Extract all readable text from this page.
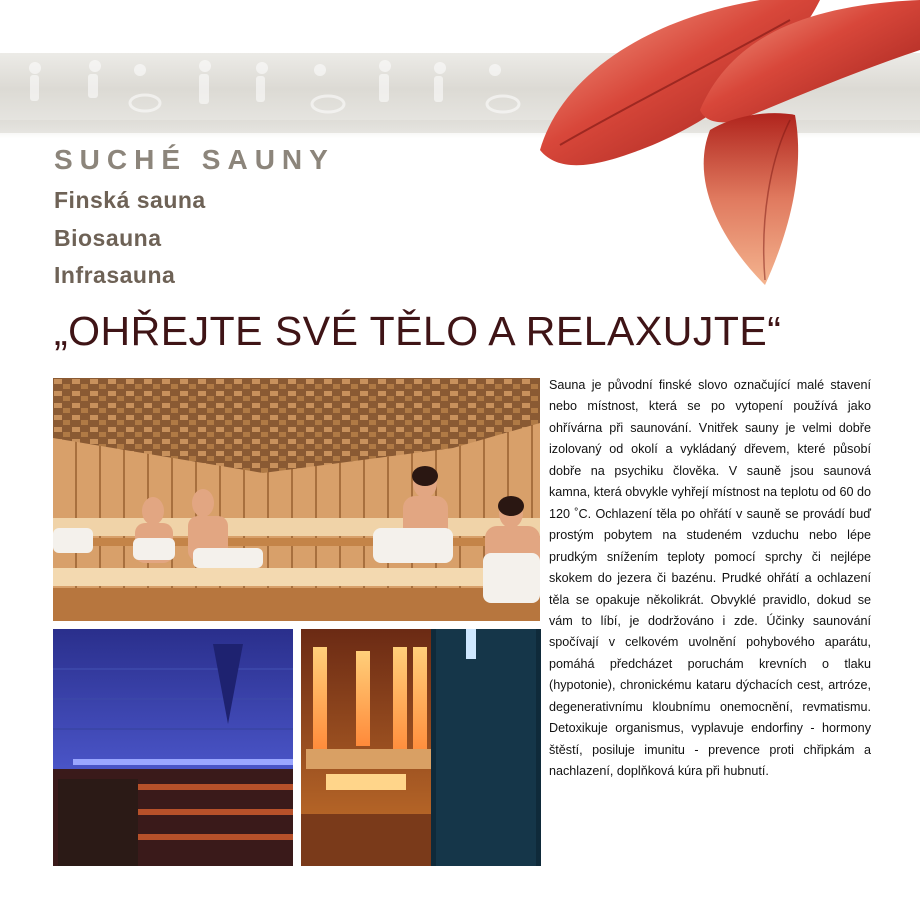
SUCHÉ SAUNY
Finská sauna
Biosauna
Infrasauna
„OHŘEJTE SVÉ TĚLO A RELAXUJTE“
Sauna je původní finské slovo označující malé stavení nebo místnost, která se po vytopení používá jako ohřívárna při saunování. Vnitřek sauny je velmi dobře izolovaný od okolí a vykládaný dřevem, které působí dobře na psychiku člověka. V sauně jsou saunová kamna, která obvykle vyhřejí místnost na teplotu od 60 do 120 ˚C. Ochlazení těla po ohřátí v sauně se provádí buď prostým pobytem na studeném vzduchu nebo lépe prudkým snížením teploty pomocí sprchy či nejlépe skokem do jezera či bazénu. Prudké ohřátí a ochlazení těla se opakuje několikrát. Obvyklé pravidlo, dokud se vám to líbí, je dodržováno i zde. Účinky saunování spočívají v celkovém uvolnění pohybového aparátu, pomáhá předcházet poruchám krevních o tlaku (hypotonie), chronickému kataru dýchacích cest, artróze, degenerativnímu kloubnímu onemocnění, revmatismu. Detoxikuje organismus, vyplavuje endorfiny - hormony štěstí, posiluje imunitu - prevence proti chřipkám a nachlazení, doplňková kúra při hubnutí.
